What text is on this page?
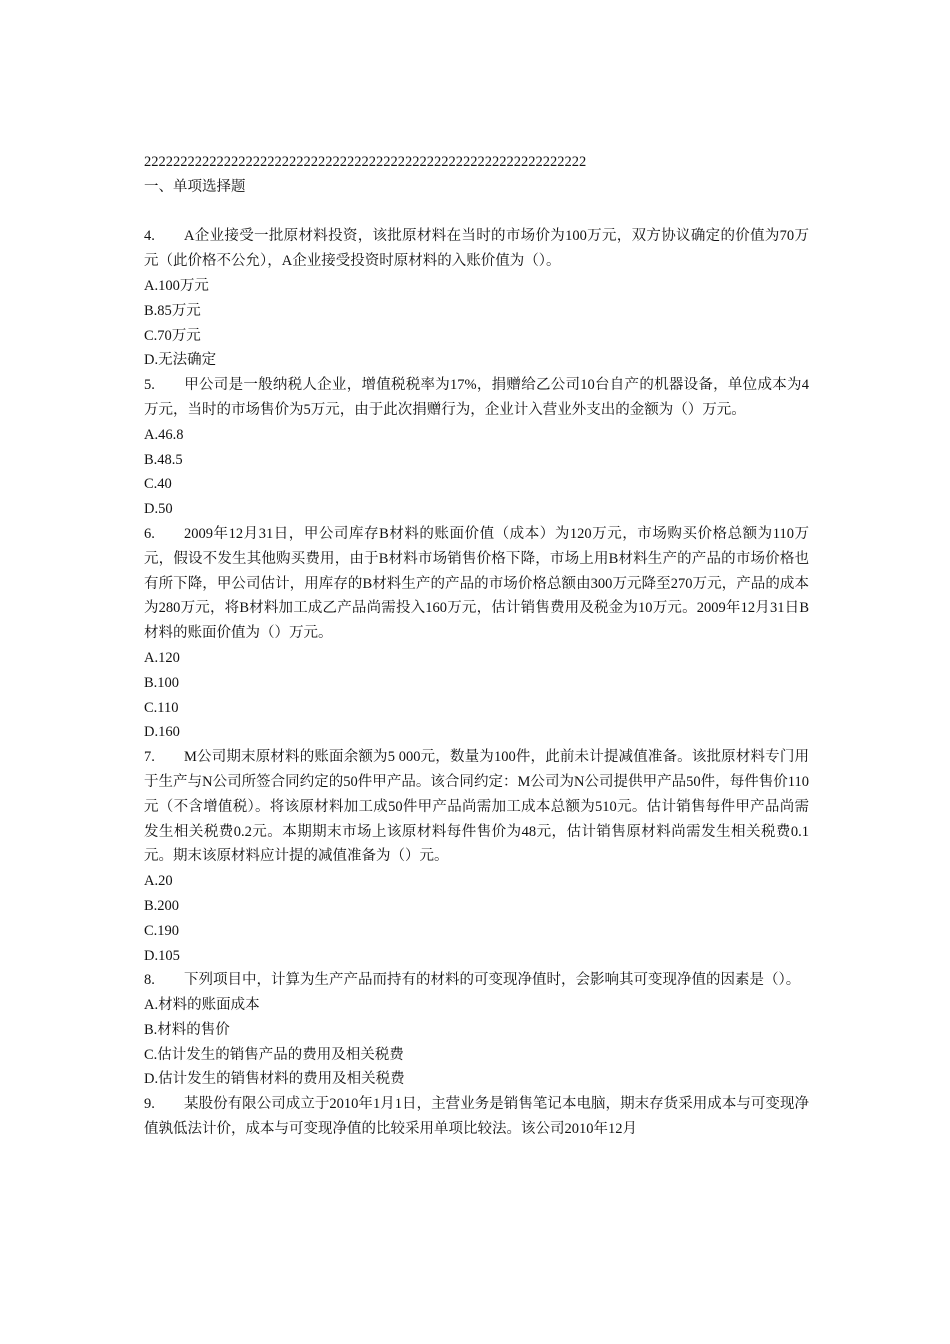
2222222222222222222222222222222222222222222222222222222222222
一、单项选择题
4. A企业接受一批原材料投资，该批原材料在当时的市场价为100万元，双方协议确定的价值为70万元（此价格不公允），A企业接受投资时原材料的入账价值为（）。
A.100万元
B.85万元
C.70万元
D.无法确定
5. 甲公司是一般纳税人企业，增值税税率为17%，捐赠给乙公司10台自产的机器设备，单位成本为4万元，当时的市场售价为5万元，由于此次捐赠行为，企业计入营业外支出的金额为（）万元。
A.46.8
B.48.5
C.40
D.50
6. 2009年12月31日，甲公司库存B材料的账面价值（成本）为120万元，市场购买价格总额为110万元，假设不发生其他购买费用，由于B材料市场销售价格下降，市场上用B材料生产的产品的市场价格也有所下降，甲公司估计，用库存的B材料生产的产品的市场价格总额由300万元降至270万元，产品的成本为280万元，将B材料加工成乙产品尚需投入160万元，估计销售费用及税金为10万元。2009年12月31日B材料的账面价值为（）万元。
A.120
B.100
C.110
D.160
7. M公司期末原材料的账面余额为5 000元，数量为100件，此前未计提减值准备。该批原材料专门用于生产与N公司所签合同约定的50件甲产品。该合同约定：M公司为N公司提供甲产品50件，每件售价110元（不含增值税）。将该原材料加工成50件甲产品尚需加工成本总额为510元。估计销售每件甲产品尚需发生相关税费0.2元。本期期末市场上该原材料每件售价为48元，估计销售原材料尚需发生相关税费0.1元。期末该原材料应计提的减值准备为（）元。
A.20
B.200
C.190
D.105
8. 下列项目中，计算为生产产品而持有的材料的可变现净值时，会影响其可变现净值的因素是（）。
A.材料的账面成本
B.材料的售价
C.估计发生的销售产品的费用及相关税费
D.估计发生的销售材料的费用及相关税费
9. 某股份有限公司成立于2010年1月1日，主营业务是销售笔记本电脑，期末存货采用成本与可变现净值孰低法计价，成本与可变现净值的比较采用单项比较法。该公司2010年12月
